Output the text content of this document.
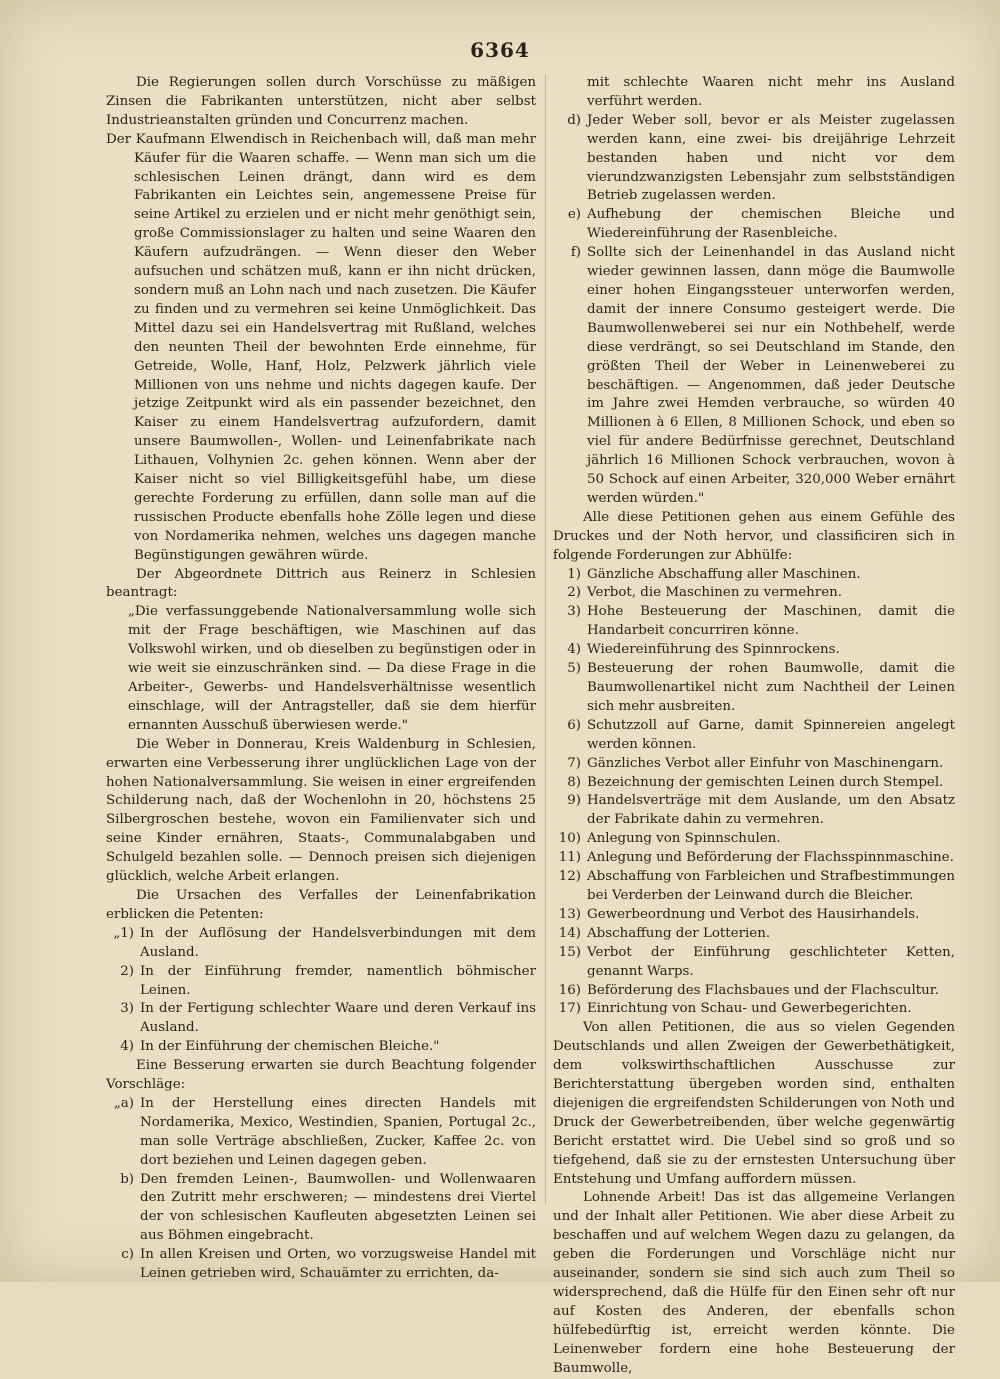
6364

Die Regierungen sollen durch Vorschüsse zu mäßigen Zinsen die Fabrikanten unterstützen, nicht aber selbst Industrieanstalten gründen und Concurrenz machen.

Der Kaufmann Elwendisch in Reichenbach will, daß man mehr Käufer für die Waaren schaffe. — Wenn man sich um die schlesischen Leinen drängt, dann wird es dem Fabrikanten ein Leichtes sein, angemessene Preise für seine Artikel zu erzielen und er nicht mehr genöthigt sein, große Commissionslager zu halten und seine Waaren den Käufern aufzudrängen. — Wenn dieser den Weber aufsuchen und schätzen muß, kann er ihn nicht drücken, sondern muß an Lohn nach und nach zusetzen. Die Käufer zu finden und zu vermehren sei keine Unmöglichkeit. Das Mittel dazu sei ein Handelsvertrag mit Rußland, welches den neunten Theil der bewohnten Erde einnehme, für Getreide, Wolle, Hanf, Holz, Pelzwerk jährlich viele Millionen von uns nehme und nichts dagegen kaufe. Der jetzige Zeitpunkt wird als ein passender bezeichnet, den Kaiser zu einem Handelsvertrag aufzufordern, damit unsere Baumwollen-, Wollen- und Leinenfabrikate nach Lithauen, Volhynien 2c. gehen können. Wenn aber der Kaiser nicht so viel Billigkeitsgefühl habe, um diese gerechte Forderung zu erfüllen, dann solle man auf die russischen Producte ebenfalls hohe Zölle legen und diese von Nordamerika nehmen, welches uns dagegen manche Begünstigungen gewähren würde.

Der Abgeordnete Dittrich aus Reinerz in Schlesien beantragt:

„Die verfassunggebende Nationalversammlung wolle sich mit der Frage beschäftigen, wie Maschinen auf das Volkswohl wirken, und ob dieselben zu begünstigen oder in wie weit sie einzuschränken sind. — Da diese Frage in die Arbeiter-, Gewerbs- und Handelsverhältnisse wesentlich einschlage, will der Antragsteller, daß sie dem hierfür ernannten Ausschuß überwiesen werde."

Die Weber in Donnerau, Kreis Waldenburg in Schlesien, erwarten eine Verbesserung ihrer unglücklichen Lage von der hohen Nationalversammlung. Sie weisen in einer ergreifenden Schilderung nach, daß der Wochenlohn in 20, höchstens 25 Silbergroschen bestehe, wovon ein Familienvater sich und seine Kinder ernähren, Staats-, Communalabgaben und Schulgeld bezahlen solle. — Dennoch preisen sich diejenigen glücklich, welche Arbeit erlangen.

Die Ursachen des Verfalles der Leinenfabrikation erblicken die Petenten:

„1) In der Auflösung der Handelsverbindungen mit dem Ausland.
2) In der Einführung fremder, namentlich böhmischer Leinen.
3) In der Fertigung schlechter Waare und deren Verkauf ins Ausland.
4) In der Einführung der chemischen Bleiche."

Eine Besserung erwarten sie durch Beachtung folgender Vorschläge:

„a) In der Herstellung eines directen Handels mit Nordamerika, Mexico, Westindien, Spanien, Portugal 2c., man solle Verträge abschließen, Zucker, Kaffee 2c. von dort beziehen und Leinen dagegen geben.
b) Den fremden Leinen-, Baumwollen- und Wollenwaaren den Zutritt mehr erschweren; — mindestens drei Viertel der von schlesischen Kaufleuten abgesetzten Leinen sei aus Böhmen eingebracht.
c) In allen Kreisen und Orten, wo vorzugsweise Handel mit Leinen getrieben wird, Schauämter zu errichten, da-
mit schlechte Waaren nicht mehr ins Ausland verführt werden.
d) Jeder Weber soll, bevor er als Meister zugelassen werden kann, eine zwei- bis dreijährige Lehrzeit bestanden haben und nicht vor dem vierundzwanzigsten Lebensjahr zum selbstständigen Betrieb zugelassen werden.
e) Aufhebung der chemischen Bleiche und Wiedereinführung der Rasenbleiche.
f) Sollte sich der Leinenhandel in das Ausland nicht wieder gewinnen lassen, dann möge die Baumwolle einer hohen Eingangssteuer unterworfen werden, damit der innere Consumo gesteigert werde. Die Baumwollenweberei sei nur ein Nothbehelf, werde diese verdrängt, so sei Deutschland im Stande, den größten Theil der Weber in Leinenweberei zu beschäftigen. — Angenommen, daß jeder Deutsche im Jahre zwei Hemden verbrauche, so würden 40 Millionen à 6 Ellen, 8 Millionen Schock, und eben so viel für andere Bedürfnisse gerechnet, Deutschland jährlich 16 Millionen Schock verbrauchen, wovon à 50 Schock auf einen Arbeiter, 320,000 Weber ernährt werden würden."

Alle diese Petitionen gehen aus einem Gefühle des Druckes und der Noth hervor, und classificiren sich in folgende Forderungen zur Abhülfe:

1) Gänzliche Abschaffung aller Maschinen.
2) Verbot, die Maschinen zu vermehren.
3) Hohe Besteuerung der Maschinen, damit die Handarbeit concurriren könne.
4) Wiedereinführung des Spinnrockens.
5) Besteuerung der rohen Baumwolle, damit die Baumwollenartikel nicht zum Nachtheil der Leinen sich mehr ausbreiten.
6) Schutzzoll auf Garne, damit Spinnereien angelegt werden können.
7) Gänzliches Verbot aller Einfuhr von Maschinengarn.
8) Bezeichnung der gemischten Leinen durch Stempel.
9) Handelsverträge mit dem Auslande, um den Absatz der Fabrikate dahin zu vermehren.
10) Anlegung von Spinnschulen.
11) Anlegung und Beförderung der Flachsspinnmaschine.
12) Abschaffung von Farbleichen und Strafbestimmungen bei Verderben der Leinwand durch die Bleicher.
13) Gewerbeordnung und Verbot des Hausirhandels.
14) Abschaffung der Lotterien.
15) Verbot der Einführung geschlichteter Ketten, genannt Warps.
16) Beförderung des Flachsbaues und der Flachscultur.
17) Einrichtung von Schau- und Gewerbegerichten.

Von allen Petitionen, die aus so vielen Gegenden Deutschlands und allen Zweigen der Gewerbethätigkeit, dem volkswirthschaftlichen Ausschusse zur Berichterstattung übergeben worden sind, enthalten diejenigen die ergreifendsten Schilderungen von Noth und Druck der Gewerbetreibenden, über welche gegenwärtig Bericht erstattet wird. Die Uebel sind so groß und so tiefgehend, daß sie zu der ernstesten Untersuchung über Entstehung und Umfang auffordern müssen.

Lohnende Arbeit! Das ist das allgemeine Verlangen und der Inhalt aller Petitionen. Wie aber diese Arbeit zu beschaffen und auf welchem Wegen dazu zu gelangen, da geben die Forderungen und Vorschläge nicht nur auseinander, sondern sie sind sich auch zum Theil so widersprechend, daß die Hülfe für den Einen sehr oft nur auf Kosten des Anderen, der ebenfalls schon hülfebedürftig ist, erreicht werden könnte. Die Leinenweber fordern eine hohe Besteuerung der Baumwolle,
